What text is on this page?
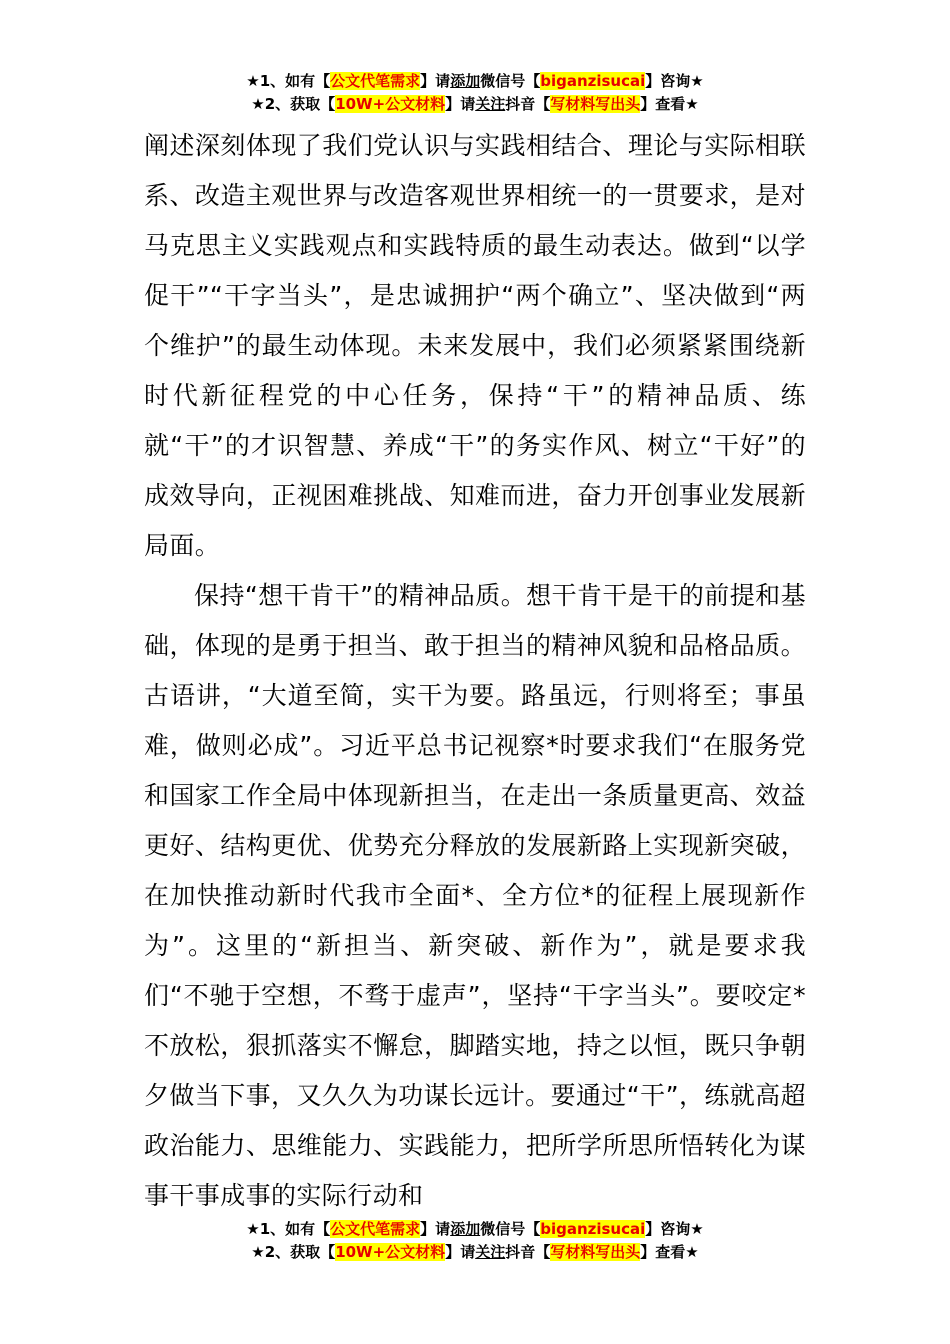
★1、如有【公文代笔需求】请添加微信号【biganzisucai】咨询★
★2、获取【10W+公文材料】请关注抖音【写材料写出头】查看★

阐述深刻体现了我们党认识与实践相结合、理论与实际相联系、改造主观世界与改造客观世界相统一的一贯要求，是对马克思主义实践观点和实践特质的最生动表达。做到“以学促干”“干字当头”，是忠诚拥护“两个确立”、坚决做到“两个维护”的最生动体现。未来发展中，我们必须紧紧围绕新时代新征程党的中心任务，保持“干”的精神品质、练就“干”的才识智慧、养成“干”的务实作风、树立“干好”的成效导向，正视困难挑战、知难而进，奋力开创事业发展新局面。

保持“想干肯干”的精神品质。想干肯干是干的前提和基础，体现的是勇于担当、敢于担当的精神风貌和品格品质。古语讲，“大道至简，实干为要。路虽远，行则将至；事虽难，做则必成”。习近平总书记视察*时要求我们“在服务党和国家工作全局中体现新担当，在走出一条质量更高、效益更好、结构更优、优势充分释放的发展新路上实现新突破，在加快推动新时代我市全面*、全方位*的征程上展现新作为”。这里的“新担当、新突破、新作为”，就是要求我们“不驰于空想，不骛于虚声”，坚持“干字当头”。要咬定*不放松，狠抓落实不懈怠，脚踏实地，持之以恒，既只争朝夕做当下事，又久久为功谋长远计。要通过“干”，练就高超政治能力、思维能力、实践能力，把所学所思所悟转化为谋事干事成事的实际行动和

★1、如有【公文代笔需求】请添加微信号【biganzisucai】咨询★
★2、获取【10W+公文材料】请关注抖音【写材料写出头】查看★
